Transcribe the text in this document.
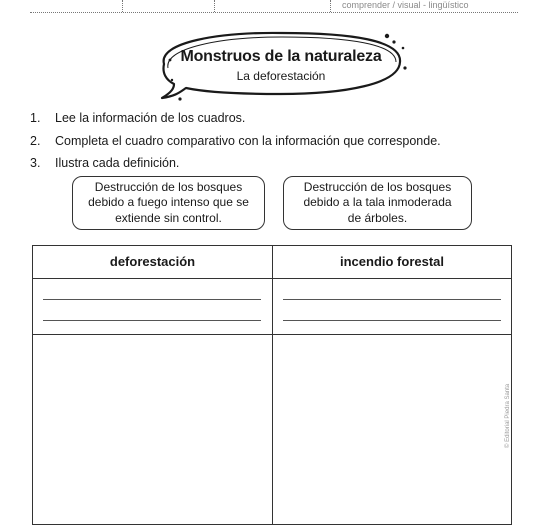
comprender / visual - lingüístico
Monstruos de la naturaleza
La deforestación
1. Lee la información de los cuadros.
2. Completa el cuadro comparativo con la información que corresponde.
3. Ilustra cada definición.
Destrucción de los bosques
debido a fuego intenso que se
extiende sin control.
Destrucción de los bosques
debido a la tala inmoderada
de árboles.
deforestación	incendio forestal
© Editorial Piedra Santa
